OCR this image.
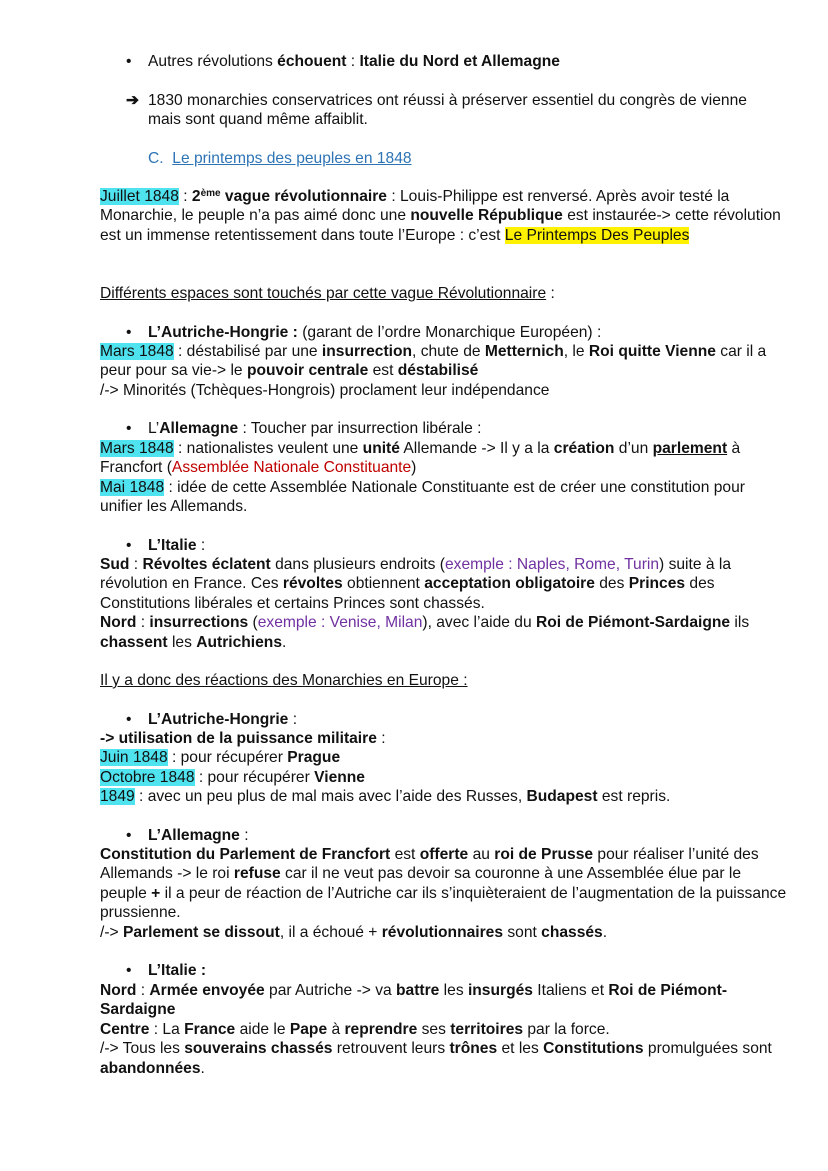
• Autres révolutions échouent : Italie du Nord et Allemagne

➔ 1830 monarchies conservatrices ont réussi à préserver essentiel du congrès de vienne mais sont quand même affaiblit.

C. Le printemps des peuples en 1848

Juillet 1848 : 2ème vague révolutionnaire : Louis-Philippe est renversé. Après avoir testé la Monarchie, le peuple n’a pas aimé donc une nouvelle République est instaurée-> cette révolution est un immense retentissement dans toute l’Europe : c’est Le Printemps Des Peuples

Différents espaces sont touchés par cette vague Révolutionnaire :

• L’Autriche-Hongrie : (garant de l’ordre Monarchique Européen) :

Mars 1848 : déstabilisé par une insurrection, chute de Metternich, le Roi quitte Vienne car il a peur pour sa vie-> le pouvoir centrale est déstabilisé
/-> Minorités (Tchèques-Hongrois) proclament leur indépendance

• L’Allemagne : Toucher par insurrection libérale :

Mars 1848 : nationalistes veulent une unité Allemande -> Il y a la création d’un parlement à Francfort (Assemblée Nationale Constituante)
Mai 1848 : idée de cette Assemblée Nationale Constituante est de créer une constitution pour unifier les Allemands.

• L’Italie :

Sud : Révoltes éclatent dans plusieurs endroits (exemple : Naples, Rome, Turin) suite à la révolution en France. Ces révoltes obtiennent acceptation obligatoire des Princes des Constitutions libérales et certains Princes sont chassés.
Nord : insurrections (exemple : Venise, Milan), avec l’aide du Roi de Piémont-Sardaigne ils chassent les Autrichiens.

Il y a donc des réactions des Monarchies en Europe :

• L’Autriche-Hongrie :

-> utilisation de la puissance militaire :
Juin 1848 : pour récupérer Prague
Octobre 1848 : pour récupérer Vienne
1849 : avec un peu plus de mal mais avec l’aide des Russes, Budapest est repris.

• L’Allemagne :

Constitution du Parlement de Francfort est offerte au roi de Prusse pour réaliser l’unité des Allemands -> le roi refuse car il ne veut pas devoir sa couronne à une Assemblée élue par le peuple + il a peur de réaction de l’Autriche car ils s’inquièteraient de l’augmentation de la puissance prussienne.
/-> Parlement se dissout, il a échoué + révolutionnaires sont chassés.

• L’Italie :

Nord : Armée envoyée par Autriche -> va battre les insurgés Italiens et Roi de Piémont-Sardaigne
Centre : La France aide le Pape à reprendre ses territoires par la force.
/-> Tous les souverains chassés retrouvent leurs trônes et les Constitutions promulguées sont abandonnées.
